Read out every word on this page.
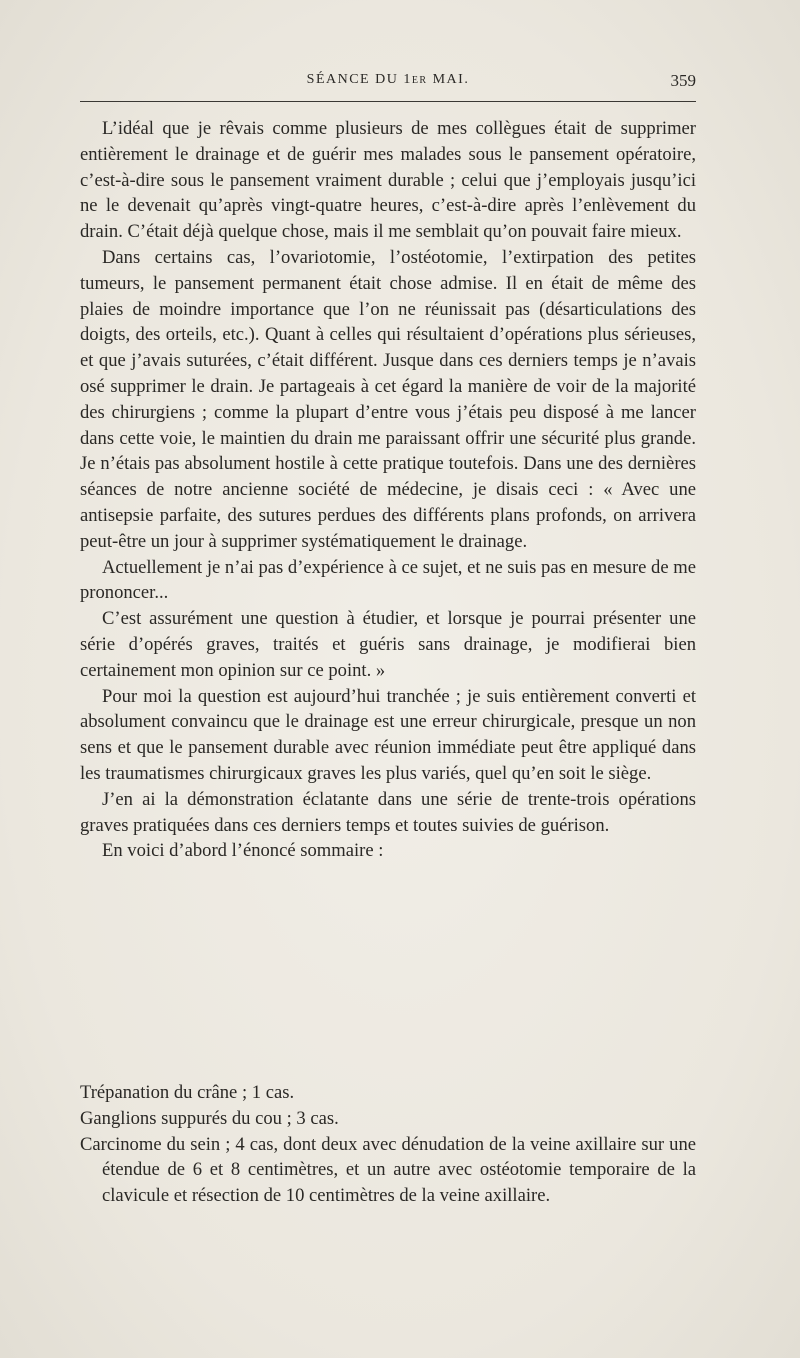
SÉANCE DU 1er MAI.	359

L’idéal que je rêvais comme plusieurs de mes collègues était de supprimer entièrement le drainage et de guérir mes malades sous le pansement opératoire, c’est-à-dire sous le pansement vraiment durable ; celui que j’employais jusqu’ici ne le devenait qu’après vingt-quatre heures, c’est-à-dire après l’enlèvement du drain. C’était déjà quelque chose, mais il me semblait qu’on pouvait faire mieux.

Dans certains cas, l’ovariotomie, l’ostéotomie, l’extirpation des petites tumeurs, le pansement permanent était chose admise. Il en était de même des plaies de moindre importance que l’on ne réunissait pas (désarticulations des doigts, des orteils, etc.). Quant à celles qui résultaient d’opérations plus sérieuses, et que j’avais suturées, c’était différent. Jusque dans ces derniers temps je n’avais osé supprimer le drain. Je partageais à cet égard la manière de voir de la majorité des chirurgiens ; comme la plupart d’entre vous j’étais peu disposé à me lancer dans cette voie, le maintien du drain me paraissant offrir une sécurité plus grande. Je n’étais pas absolument hostile à cette pratique toutefois. Dans une des dernières séances de notre ancienne société de médecine, je disais ceci : « Avec une antisepsie parfaite, des sutures perdues des différents plans profonds, on arrivera peut-être un jour à supprimer systématiquement le drainage.

Actuellement je n’ai pas d’expérience à ce sujet, et ne suis pas en mesure de me prononcer...

C’est assurément une question à étudier, et lorsque je pourrai présenter une série d’opérés graves, traités et guéris sans drainage, je modifierai bien certainement mon opinion sur ce point. »

Pour moi la question est aujourd’hui tranchée ; je suis entièrement converti et absolument convaincu que le drainage est une erreur chirurgicale, presque un non sens et que le pansement durable avec réunion immédiate peut être appliqué dans les traumatismes chirurgicaux graves les plus variés, quel qu’en soit le siège.

J’en ai la démonstration éclatante dans une série de trente-trois opérations graves pratiquées dans ces derniers temps et toutes suivies de guérison.

En voici d’abord l’énoncé sommaire :

Trépanation du crâne ; 1 cas.

Ganglions suppurés du cou ; 3 cas.

Carcinome du sein ; 4 cas, dont deux avec dénudation de la veine axillaire sur une étendue de 6 et 8 centimètres, et un autre avec ostéotomie temporaire de la clavicule et résection de 10 centimètres de la veine axillaire.
